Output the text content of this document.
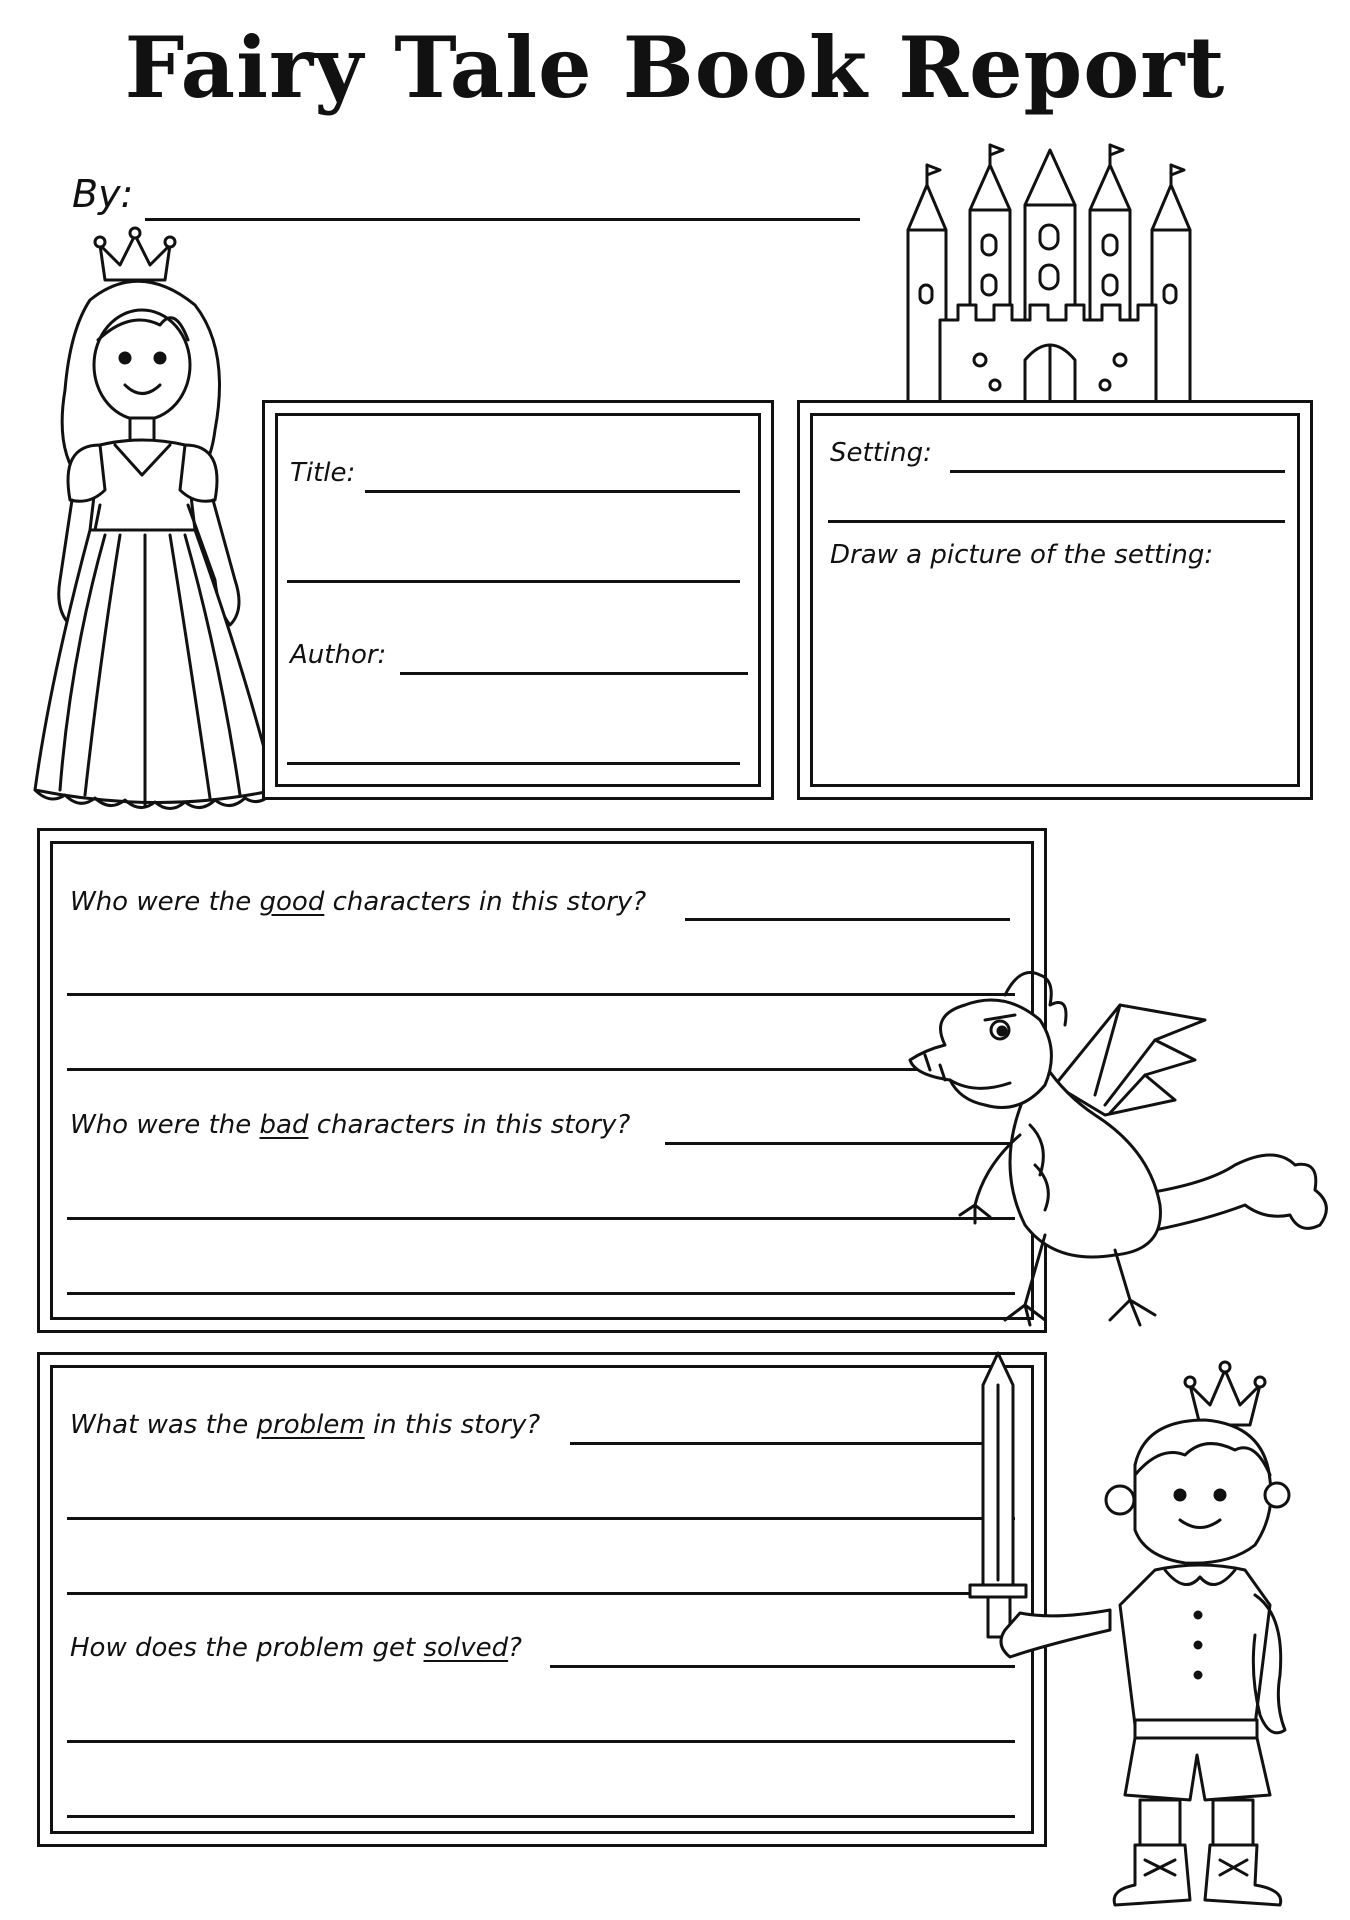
Fairy Tale Book Report
By:
Title:
Author:
Setting:
Draw a picture of the setting:
Who were the good characters in this story?
Who were the bad characters in this story?
What was the problem in this story?
How does the problem get solved?
